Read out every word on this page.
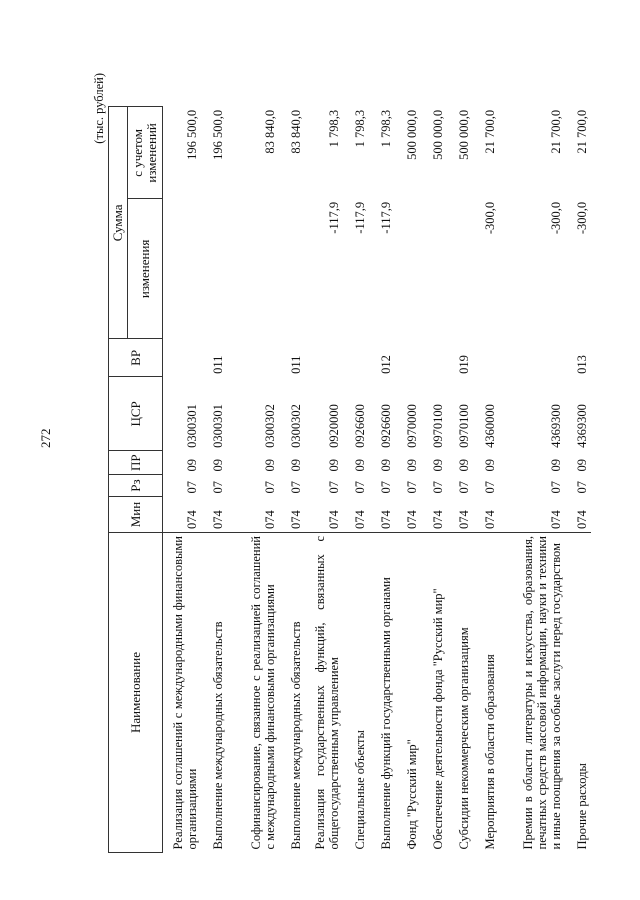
272
(тыс. рублей)
Наименование	Мин	Рз	ПР	ЦСР	ВР	Сумма	
						изменения	с учетом изменений
Реализация соглашений с международными финансовыми организациями	074	07	09	0300301			196 500,0
Выполнение международных обязательств	074	07	09	0300301	011		196 500,0
Софинансирование, связанное с реализацией соглашений с международными финансовыми организациями	074	07	09	0300302			83 840,0
Выполнение международных обязательств	074	07	09	0300302	011		83 840,0
Реализация государственных функций, связанных с общегосударственным управлением	074	07	09	0920000		-117,9	1 798,3
Специальные объекты	074	07	09	0926600		-117,9	1 798,3
Выполнение функций государственными органами	074	07	09	0926600	012	-117,9	1 798,3
Фонд "Русский мир"	074	07	09	0970000			500 000,0
Обеспечение деятельности фонда "Русский мир"	074	07	09	0970100			500 000,0
Субсидии некоммерческим организациям	074	07	09	0970100	019		500 000,0
Мероприятия в области образования	074	07	09	4360000		-300,0	21 700,0
Премии в области литературы и искусства, образования, печатных средств массовой информации, науки и техники и иные поощрения за особые заслуги перед государством	074	07	09	4369300		-300,0	21 700,0
Прочие расходы	074	07	09	4369300	013	-300,0	21 700,0
